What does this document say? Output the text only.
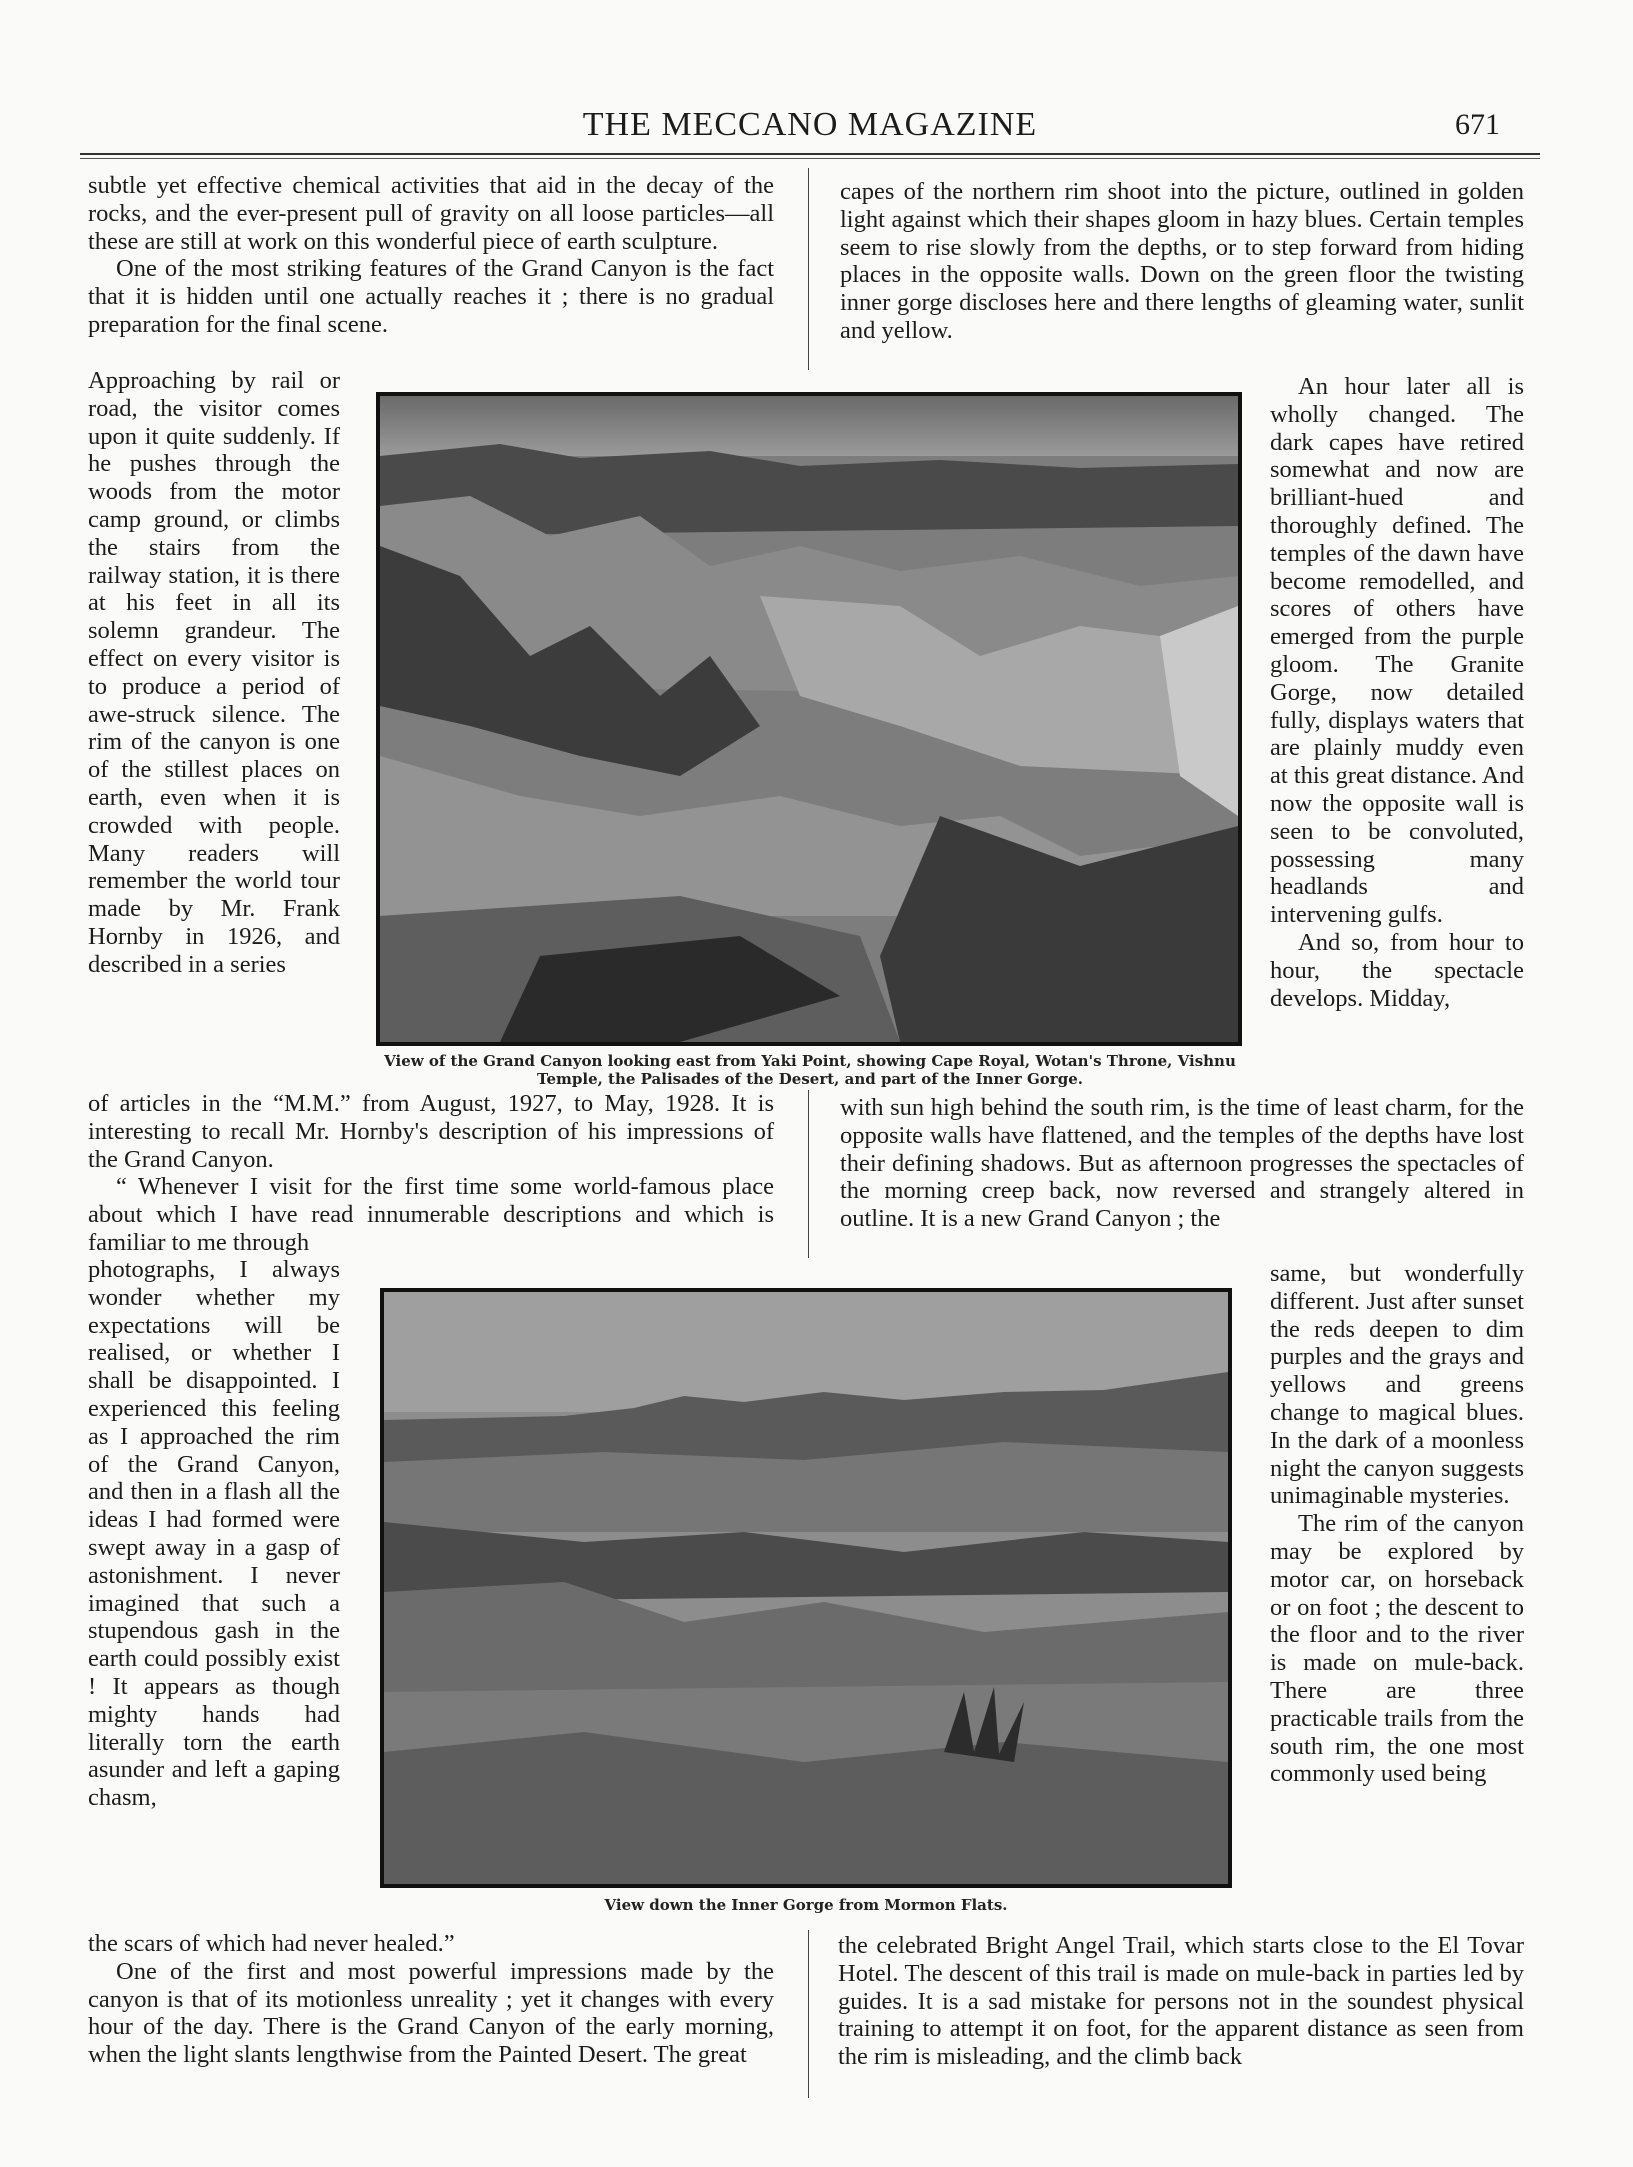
THE MECCANO MAGAZINE	671

subtle yet effective chemical activities that aid in the decay of the rocks, and the ever-present pull of gravity on all loose particles—all these are still at work on this wonderful piece of earth sculpture.

One of the most striking features of the Grand Canyon is the fact that it is hidden until one actually reaches it ; there is no gradual preparation for the final scene.

Approaching by rail or road, the visitor comes upon it quite suddenly. If he pushes through the woods from the motor camp ground, or climbs the stairs from the railway station, it is there at his feet in all its solemn grandeur. The effect on every visitor is to produce a period of awe-struck silence. The rim of the canyon is one of the stillest places on earth, even when it is crowded with people. Many readers will remember the world tour made by Mr. Frank Hornby in 1926, and described in a series

of articles in the “M.M.” from August, 1927, to May, 1928. It is interesting to recall Mr. Hornby's description of his impressions of the Grand Canyon.

“ Whenever I visit for the first time some world-famous place about which I have read innumerable descriptions and which is familiar to me through

photographs, I always wonder whether my expectations will be realised, or whether I shall be disappointed. I experienced this feeling as I approached the rim of the Grand Canyon, and then in a flash all the ideas I had formed were swept away in a gasp of astonishment. I never imagined that such a stupendous gash in the earth could possibly exist ! It appears as though mighty hands had literally torn the earth asunder and left a gaping chasm,

the scars of which had never healed.”

One of the first and most powerful impressions made by the canyon is that of its motionless unreality ; yet it changes with every hour of the day. There is the Grand Canyon of the early morning, when the light slants lengthwise from the Painted Desert. The great

capes of the northern rim shoot into the picture, outlined in golden light against which their shapes gloom in hazy blues. Certain temples seem to rise slowly from the depths, or to step forward from hiding places in the opposite walls. Down on the green floor the twisting inner gorge discloses here and there lengths of gleaming water, sunlit and yellow.

An hour later all is wholly changed. The dark capes have retired somewhat and now are brilliant-hued and thoroughly defined. The temples of the dawn have become remodelled, and scores of others have emerged from the purple gloom. The Granite Gorge, now detailed fully, displays waters that are plainly muddy even at this great distance. And now the opposite wall is seen to be convoluted, possessing many headlands and intervening gulfs.

And so, from hour to hour, the spectacle develops. Midday,

with sun high behind the south rim, is the time of least charm, for the opposite walls have flattened, and the temples of the depths have lost their defining shadows. But as afternoon progresses the spectacles of the morning creep back, now reversed and strangely altered in outline. It is a new Grand Canyon ; the

same, but wonderfully different. Just after sunset the reds deepen to dim purples and the grays and yellows and greens change to magical blues. In the dark of a moonless night the canyon suggests unimaginable mysteries.

The rim of the canyon may be explored by motor car, on horseback or on foot ; the descent to the floor and to the river is made on mule-back. There are three practicable trails from the south rim, the one most commonly used being

the celebrated Bright Angel Trail, which starts close to the El Tovar Hotel. The descent of this trail is made on mule-back in parties led by guides. It is a sad mistake for persons not in the soundest physical training to attempt it on foot, for the apparent distance as seen from the rim is misleading, and the climb back

View of the Grand Canyon looking east from Yaki Point, showing Cape Royal, Wotan's Throne, Vishnu Temple, the Palisades of the Desert, and part of the Inner Gorge.
View down the Inner Gorge from Mormon Flats.
